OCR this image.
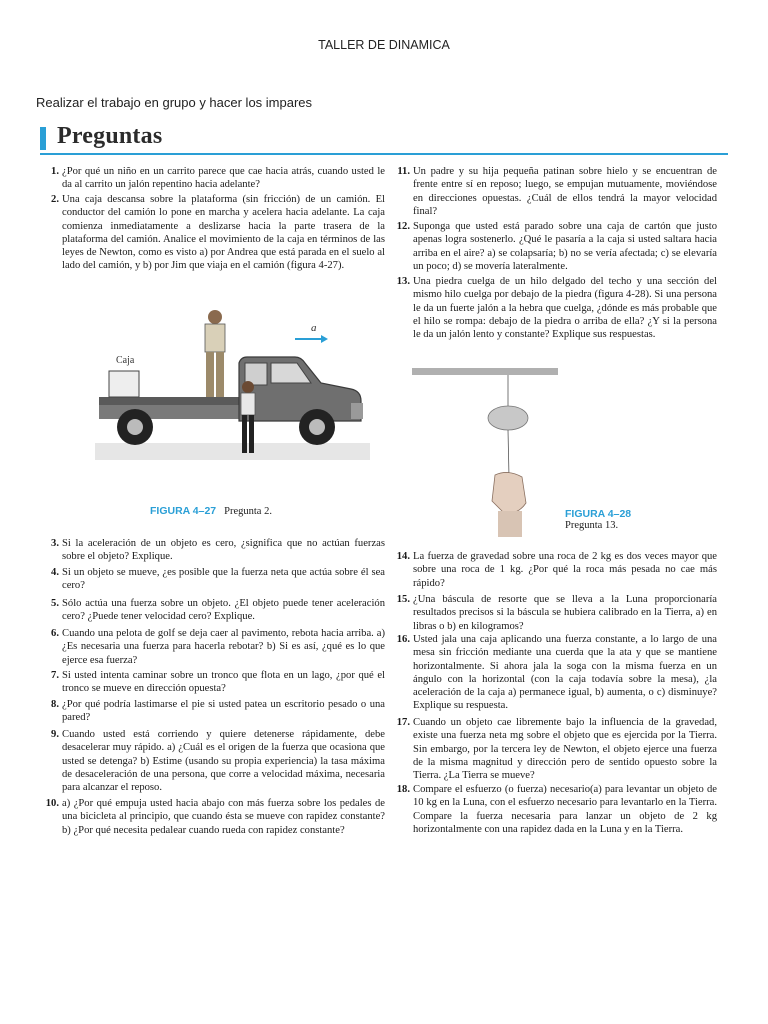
TALLER DE DINAMICA
Realizar el trabajo en grupo y hacer los impares
Preguntas
1. ¿Por qué un niño en un carrito parece que cae hacia atrás, cuando usted le da al carrito un jalón repentino hacia adelante?
2. Una caja descansa sobre la plataforma (sin fricción) de un camión. El conductor del camión lo pone en marcha y acelera hacia adelante. La caja comienza inmediatamente a deslizarse hacia la parte trasera de la plataforma del camión. Analice el movimiento de la caja en términos de las leyes de Newton, como es visto a) por Andrea que está parada en el suelo al lado del camión, y b) por Jim que viaja en el camión (figura 4-27).
Caja
a
FIGURA 4–27 Pregunta 2.
3. Si la aceleración de un objeto es cero, ¿significa que no actúan fuerzas sobre el objeto? Explique.
4. Si un objeto se mueve, ¿es posible que la fuerza neta que actúa sobre él sea cero?
5. Sólo actúa una fuerza sobre un objeto. ¿El objeto puede tener aceleración cero? ¿Puede tener velocidad cero? Explique.
6. Cuando una pelota de golf se deja caer al pavimento, rebota hacia arriba. a) ¿Es necesaria una fuerza para hacerla rebotar? b) Si es así, ¿qué es lo que ejerce esa fuerza?
7. Si usted intenta caminar sobre un tronco que flota en un lago, ¿por qué el tronco se mueve en dirección opuesta?
8. ¿Por qué podría lastimarse el pie si usted patea un escritorio pesado o una pared?
9. Cuando usted está corriendo y quiere detenerse rápidamente, debe desacelerar muy rápido. a) ¿Cuál es el origen de la fuerza que ocasiona que usted se detenga? b) Estime (usando su propia experiencia) la tasa máxima de desaceleración de una persona, que corre a velocidad máxima, necesaria para alcanzar el reposo.
10. a) ¿Por qué empuja usted hacia abajo con más fuerza sobre los pedales de una bicicleta al principio, que cuando ésta se mueve con rapidez constante? b) ¿Por qué necesita pedalear cuando rueda con rapidez constante?
11. Un padre y su hija pequeña patinan sobre hielo y se encuentran de frente entre sí en reposo; luego, se empujan mutuamente, moviéndose en direcciones opuestas. ¿Cuál de ellos tendrá la mayor velocidad final?
12. Suponga que usted está parado sobre una caja de cartón que justo apenas logra sostenerlo. ¿Qué le pasaría a la caja si usted saltara hacia arriba en el aire? a) se colapsaría; b) no se vería afectada; c) se elevaría un poco; d) se movería lateralmente.
13. Una piedra cuelga de un hilo delgado del techo y una sección del mismo hilo cuelga por debajo de la piedra (figura 4-28). Si una persona le da un fuerte jalón a la hebra que cuelga, ¿dónde es más probable que el hilo se rompa: debajo de la piedra o arriba de ella? ¿Y si la persona le da un jalón lento y constante? Explique sus respuestas.
FIGURA 4–28
Pregunta 13.
14. La fuerza de gravedad sobre una roca de 2 kg es dos veces mayor que sobre una roca de 1 kg. ¿Por qué la roca más pesada no cae más rápido?
15. ¿Una báscula de resorte que se lleva a la Luna proporcionaría resultados precisos si la báscula se hubiera calibrado en la Tierra, a) en libras o b) en kilogramos?
16. Usted jala una caja aplicando una fuerza constante, a lo largo de una mesa sin fricción mediante una cuerda que la ata y que se mantiene horizontalmente. Si ahora jala la soga con la misma fuerza en un ángulo con la horizontal (con la caja todavía sobre la mesa), ¿la aceleración de la caja a) permanece igual, b) aumenta, o c) disminuye? Explique su respuesta.
17. Cuando un objeto cae libremente bajo la influencia de la gravedad, existe una fuerza neta mg sobre el objeto que es ejercida por la Tierra. Sin embargo, por la tercera ley de Newton, el objeto ejerce una fuerza de la misma magnitud y dirección pero de sentido opuesto sobre la Tierra. ¿La Tierra se mueve?
18. Compare el esfuerzo (o fuerza) necesario(a) para levantar un objeto de 10 kg en la Luna, con el esfuerzo necesario para levantarlo en la Tierra. Compare la fuerza necesaria para lanzar un objeto de 2 kg horizontalmente con una rapidez dada en la Luna y en la Tierra.
